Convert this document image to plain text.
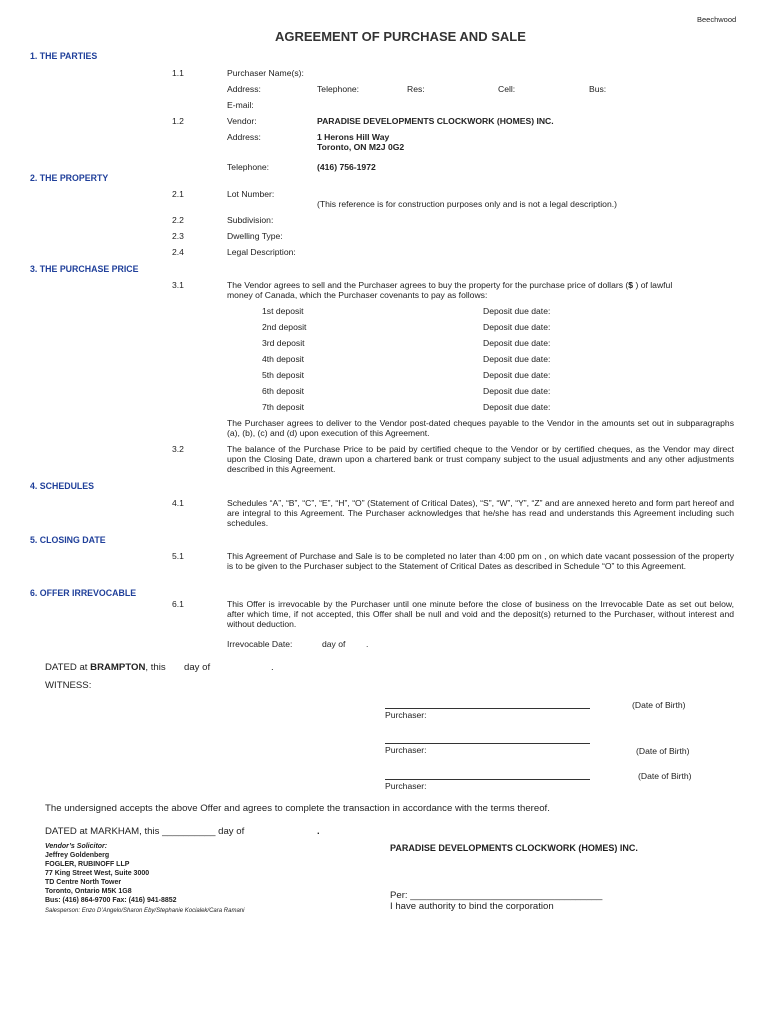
Beechwood
AGREEMENT OF PURCHASE AND SALE
1. THE PARTIES
1.1	Purchaser Name(s):
Address:	Telephone:	Res:	Cell:	Bus:
E-mail:
1.2	Vendor:	PARADISE DEVELOPMENTS CLOCKWORK (HOMES) INC.
Address:	1 Herons Hill Way
Toronto, ON M2J 0G2
Telephone:	(416) 756-1972
2. THE PROPERTY
2.1	Lot Number:
(This reference is for construction purposes only and is not a legal description.)
2.2	Subdivision:
2.3	Dwelling Type:
2.4	Legal Description:
3. THE PURCHASE PRICE
3.1	The Vendor agrees to sell and the Purchaser agrees to buy the property for the purchase price of dollars ($ ) of lawful
money of Canada, which the Purchaser covenants to pay as follows:
1st deposit	Deposit due date:
2nd deposit	Deposit due date:
3rd deposit	Deposit due date:
4th deposit	Deposit due date:
5th deposit	Deposit due date:
6th deposit	Deposit due date:
7th deposit	Deposit due date:
The Purchaser agrees to deliver to the Vendor post-dated cheques payable to the Vendor in the amounts set out in subparagraphs (a), (b), (c) and (d) upon execution of this Agreement.
3.2	The balance of the Purchase Price to be paid by certified cheque to the Vendor or by certified cheques, as the Vendor may direct upon the Closing Date, drawn upon a chartered bank or trust company subject to the usual adjustments and any other adjustments described in this Agreement.
4. SCHEDULES
4.1	Schedules “A”, “B”, “C”, “E”, “H”, “O” (Statement of Critical Dates), “S”, “W”, “Y”, “Z” and are annexed hereto and form part hereof and are integral to this Agreement. The Purchaser acknowledges that he/she has read and understands this Agreement including such schedules.
5. CLOSING DATE
5.1	This Agreement of Purchase and Sale is to be completed no later than 4:00 pm on , on which date vacant possession of the property is to be given to the Purchaser subject to the Statement of Critical Dates as described in Schedule “O” to this Agreement.
6. OFFER IRREVOCABLE
6.1	This Offer is irrevocable by the Purchaser until one minute before the close of business on the Irrevocable Date as set out below, after which time, if not accepted, this Offer shall be null and void and the deposit(s) returned to the Purchaser, without interest and without deduction.
Irrevocable Date:	day of .
DATED at BRAMPTON, this day of	.
WITNESS:
(Date of Birth)
Purchaser:
(Date of Birth)
Purchaser:
(Date of Birth)
Purchaser:
The undersigned accepts the above Offer and agrees to complete the transaction in accordance with the terms thereof.
DATED at MARKHAM, this __________ day of	.
Vendor’s Solicitor:
Jeffrey Goldenberg
FOGLER, RUBINOFF LLP
77 King Street West, Suite 3000
TD Centre North Tower
Toronto, Ontario M5K 1G8
Bus: (416) 864-9700 Fax: (416) 941-8852
Salesperson: Enzo D’Angelo/Sharon Eby/Stephanie Kocialek/Cara Ramani
PARADISE DEVELOPMENTS CLOCKWORK (HOMES) INC.
Per: ____________________________________
I have authority to bind the corporation
